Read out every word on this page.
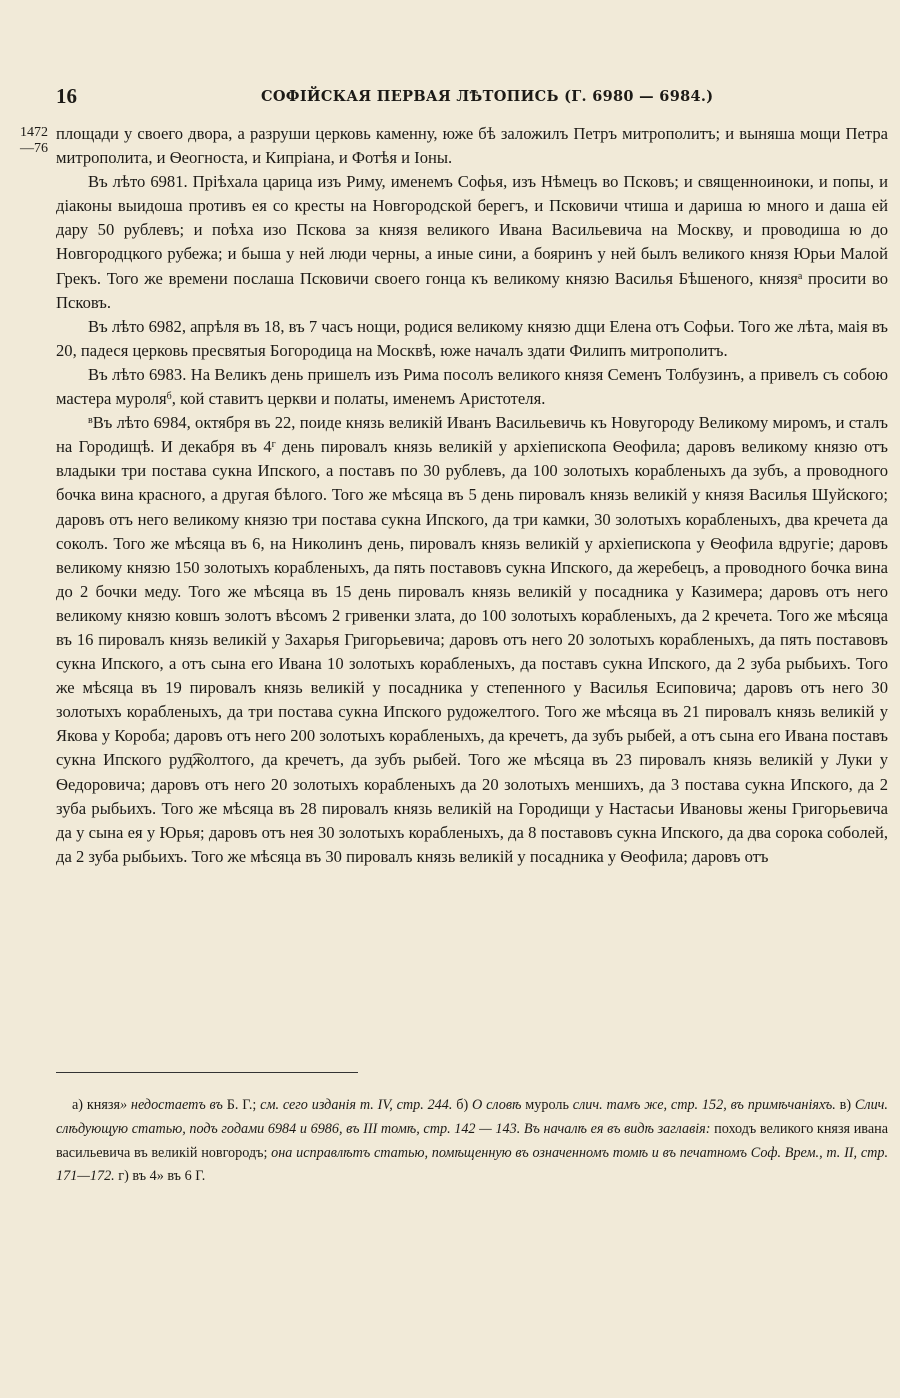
16	СОФІЙСКАЯ ПЕРВАЯ ЛѢТОПИСЬ (Г. 6980 — 6984.)
1472
—76

площади у своего двора, а разруши церковь каменну, юже бѣ заложилъ Петръ митрополитъ; и выняша мощи Петра митрополита, и Ѳеогноста, и Кипріана, и Фотѣя и Іоны.

Въ лѣто 6981. Пріѣхала царица изъ Риму, именемъ Софья, изъ Нѣмецъ во Псковъ; и священноиноки, и попы, и діаконы выидоша противъ ея со кресты на Новгородской берегъ, и Псковичи чтиша и дариша ю много и даша ей дару 50 рублевъ; и поѣха изо Пскова за князя великого Ивана Васильевича на Москву, и проводиша ю до Новгородцкого рубежа; и быша у ней люди черны, а иные сини, а бояринъ у ней былъ великого князя Юрьи Малой Грекъ. Того же времени послаша Псковичи своего гонца къ великому князю Василья Бѣшеного, князя$^а$ просити во Псковъ.

Въ лѣто 6982, апрѣля въ 18, въ 7 часъ нощи, родися великому князю дщи Елена отъ Софьи. Того же лѣта, маія въ 20, падеся церковь пресвятыя Богородица на Москвѣ, юже началъ здати Филипъ митрополитъ.

Въ лѣто 6983. На Великъ день пришелъ изъ Рима посолъ великого князя Семенъ Толбузинъ, а привелъ съ собою мастера муроля$^б$, кой ставитъ церкви и полаты, именемъ Аристотеля.

$^в$Въ лѣто 6984, октября въ 22, поиде князь великій Иванъ Васильевичь къ Новугороду Великому миромъ, и сталъ на Городищѣ. И декабря въ $4^г$ день пировалъ князь великій у архіепископа Ѳеофила; даровъ великому князю отъ владыки три постава сукна Ипского, а поставъ по 30 рублевъ, да 100 золотыхъ корабленыхъ да зубъ, а проводного бочка вина красного, а другая бѣлого. Того же мѣсяца въ 5 день пировалъ князь великій у князя Василья Шуйского; даровъ отъ него великому князю три постава сукна Ипского, да три камки, 30 золотыхъ корабленыхъ, два кречета да соколъ. Того же мѣсяца въ 6, на Николинъ день, пировалъ князь великій у архіепископа у Ѳеофила вдругіе; даровъ великому князю 150 золотыхъ корабленыхъ, да пять поставовъ сукна Ипского, да жеребецъ, а проводного бочка вина до 2 бочки меду. Того же мѣсяца въ 15 день пировалъ князь великій у посадника у Казимера; даровъ отъ него великому князю ковшъ золотъ вѣсомъ 2 гривенки злата, до 100 золотыхъ корабленыхъ, да 2 кречета. Того же мѣсяца въ 16 пировалъ князь великій у Захарья Григорьевича; даровъ отъ него 20 золотыхъ корабленыхъ, да пять поставовъ сукна Ипского, а отъ сына его Ивана 10 золотыхъ корабленыхъ, да поставъ сукна Ипского, да 2 зуба рыбьихъ. Того же мѣсяца въ 19 пировалъ князь великій у посадника у степенного у Василья Есиповича; даровъ отъ него 30 золотыхъ корабленыхъ, да три постава сукна Ипского рудожелтого. Того же мѣсяца въ 21 пировалъ князь великій у Якова у Короба; даровъ отъ него 200 золотыхъ корабленыхъ, да кречетъ, да зубъ рыбей, а отъ сына его Ивана поставъ сукна Ипского руд͡жолтого, да кречетъ, да зубъ рыбей. Того же мѣсяца въ 23 пировалъ князь великій у Луки у Ѳедоровича; даровъ отъ него 20 золотыхъ корабленыхъ да 20 золотыхъ меншихъ, да 3 постава сукна Ипского, да 2 зуба рыбьихъ. Того же мѣсяца въ 28 пировалъ князь великій на Городищи у Настасьи Ивановы жены Григорьевича да у сына ея у Юрья; даровъ отъ нея 30 золотыхъ корабленыхъ, да 8 поставовъ сукна Ипского, да два сорока соболей, да 2 зуба рыбьихъ. Того же мѣсяца въ 30 пировалъ князь великій у посадника у Ѳеофила; даровъ отъ

а) князя» недостаетъ въ Б. Г.; см. сего изданія т. IV, стр. 244. б) О словѣ муроль слич. тамъ же, стр. 152, въ примѣчаніяхъ. в) Слич. слѣдующую статью, подъ годами 6984 и 6986, въ III томѣ, стр. 142 — 143. Въ началѣ ея въ видѣ заглавія: походъ великого князя ивана васильевича въ великій новгородъ; она исправлѣтъ статью, помѣщенную въ означенномъ томѣ и въ печатномъ Соф. Врем., т. II, стр. 171—172. г) въ 4» въ 6 Г.
